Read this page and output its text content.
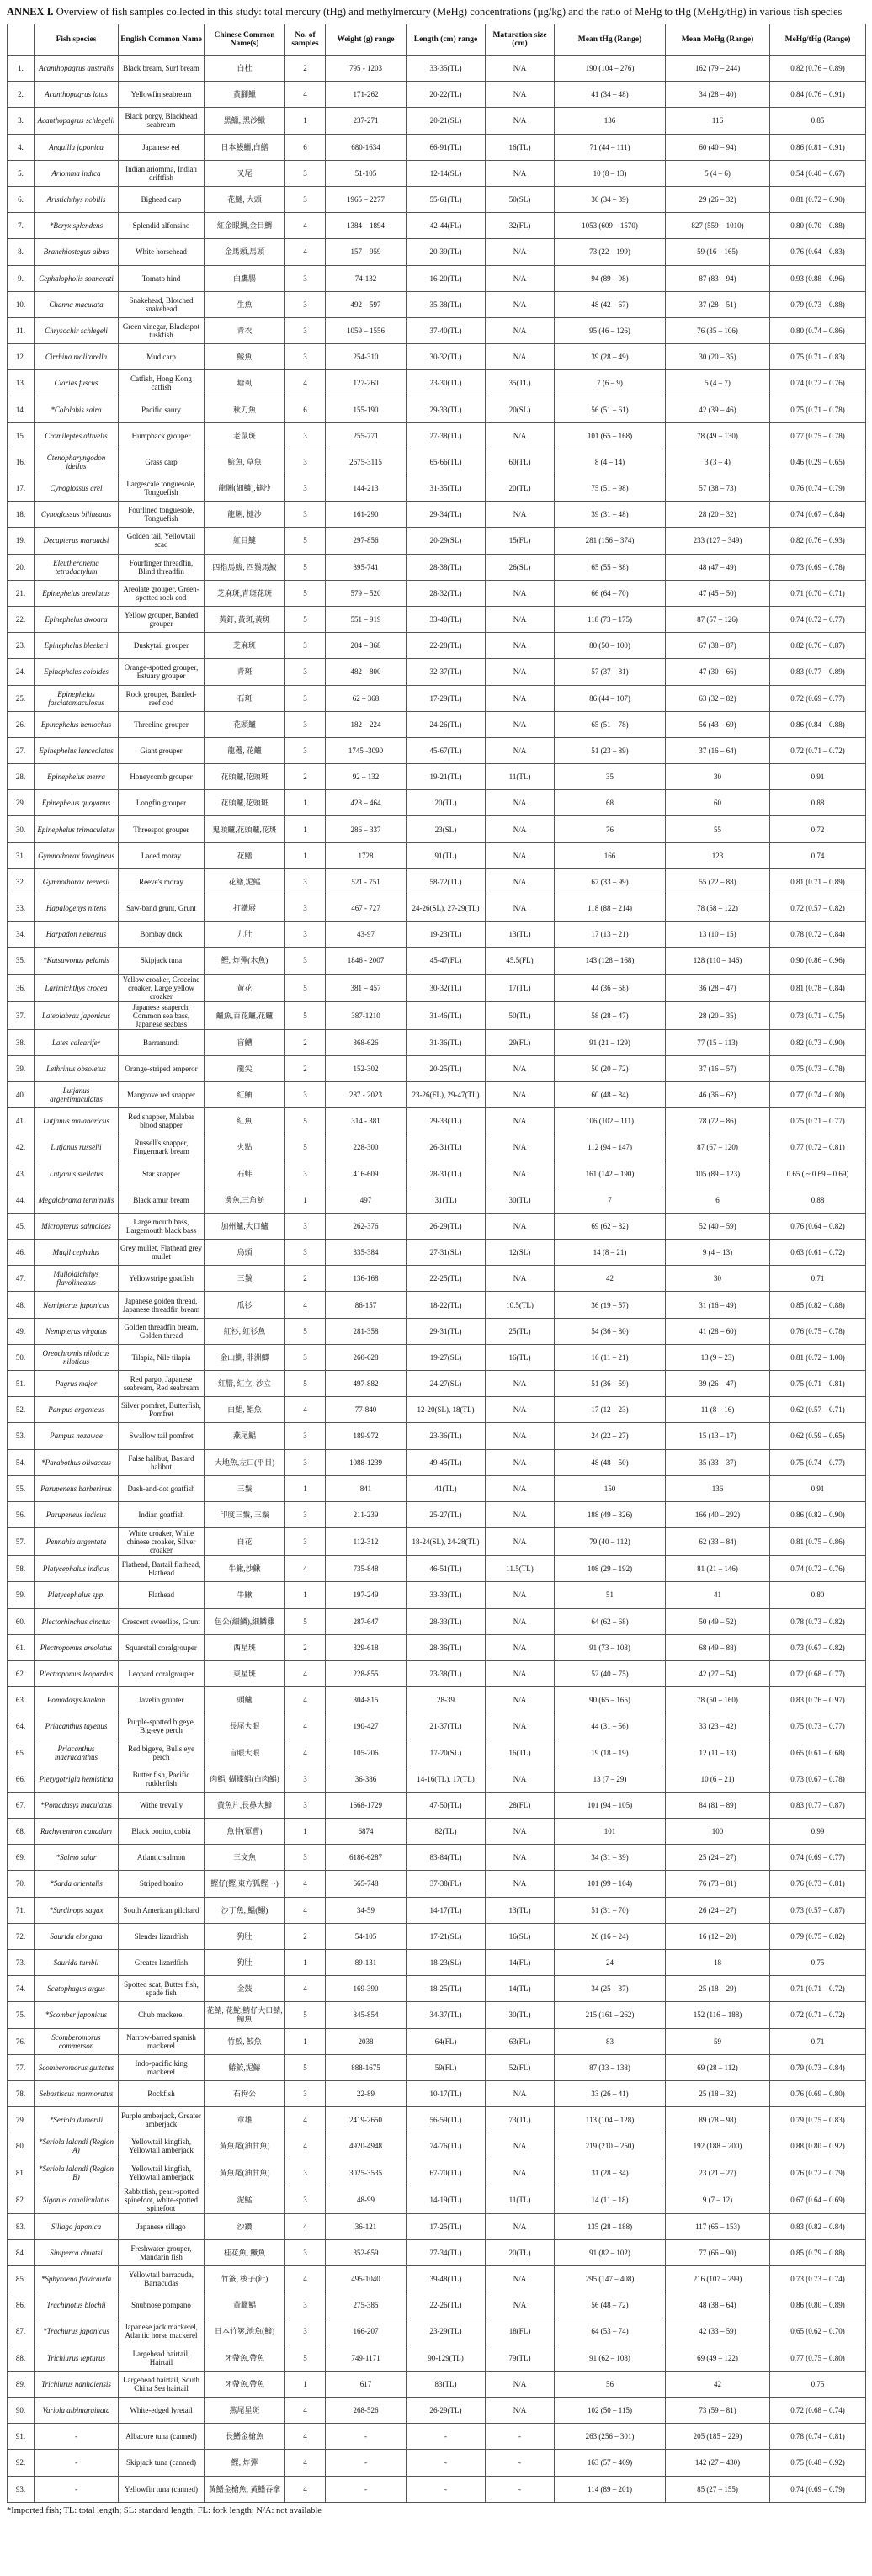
ANNEX I. Overview of fish samples collected in this study: total mercury (tHg) and methylmercury (MeHg) concentrations (µg/kg) and the ratio of MeHg to tHg (MeHg/tHg) in various fish species
	Fish species	English Common Name	Chinese Common Name(s)	No. of samples	Weight (g) range	Length (cm) range	Maturation size (cm)	Mean tHg (Range)	Mean MeHg (Range)	MeHg/tHg (Range)
1.	Acanthopagrus australis	Black bream, Surf bream	白杜	2	795 - 1203	33-35(TL)	N/A	190 (104 – 276)	162 (79 – 244)	0.82 (0.76 – 0.89)
2.	Acanthopagrus latus	Yellowfin seabream	黃腳鱲	4	171-262	20-22(TL)	N/A	41 (34 – 48)	34 (28 – 40)	0.84 (0.76 – 0.91)
3.	Acanthopagrus schlegelii	Black porgy, Blackhead seabream	黑鱲, 黑沙鱲	1	237-271	20-21(SL)	N/A	136	116	0.85
4.	Anguilla japonica	Japanese eel	日本鰻鱺,白鱔	6	680-1634	66-91(TL)	16(TL)	71 (44 – 111)	60 (40 – 94)	0.86 (0.81 – 0.91)
5.	Ariomma indica	Indian ariomma, Indian driftfish	叉尾	3	51-105	12-14(SL)	N/A	10 (8 – 13)	5 (4 – 6)	0.54 (0.40 – 0.67)
6.	Aristichthys nobilis	Bighead carp	花鰱, 大頭	3	1965 – 2277	55-61(TL)	50(SL)	36 (34 – 39)	29 (26 – 32)	0.81 (0.72 – 0.90)
7.	*Beryx splendens	Splendid alfonsino	紅金眼鯛,金目鯛	4	1384 – 1894	42-44(FL)	32(FL)	1053 (609 – 1570)	827 (559 – 1010)	0.80 (0.70 – 0.88)
8.	Branchiostegus albus	White horsehead	金馬頭,馬頭	4	157 – 959	20-39(TL)	N/A	73 (22 – 199)	59 (16 – 165)	0.76 (0.64 – 0.83)
9.	Cephalopholis sonnerati	Tomato hind	白鷹腸	3	74-132	16-20(TL)	N/A	94 (89 – 98)	87 (83 – 94)	0.93 (0.88 – 0.96)
10.	Channa maculata	Snakehead, Blotched snakehead	生魚	3	492 – 597	35-38(TL)	N/A	48 (42 – 67)	37 (28 – 51)	0.79 (0.73 – 0.88)
11.	Chrysochir schlegeli	Green vinegar, Blackspot tuskfish	青衣	3	1059 – 1556	37-40(TL)	N/A	95 (46 – 126)	76 (35 – 106)	0.80 (0.74 – 0.86)
12.	Cirrhina molitorella	Mud carp	鯪魚	3	254-310	30-32(TL)	N/A	39 (28 – 49)	30 (20 – 35)	0.75 (0.71 – 0.83)
13.	Clarias fuscus	Catfish, Hong Kong catfish	塘虱	4	127-260	23-30(TL)	35(TL)	7 (6 – 9)	5 (4 – 7)	0.74 (0.72 – 0.76)
14.	*Cololabis saira	Pacific saury	秋刀魚	6	155-190	29-33(TL)	20(SL)	56 (51 – 61)	42 (39 – 46)	0.75 (0.71 – 0.78)
15.	Cromileptes altivelis	Humpback grouper	老鼠斑	3	255-771	27-38(TL)	N/A	101 (65 – 168)	78 (49 – 130)	0.77 (0.75 – 0.78)
16.	Ctenopharyngodon idellus	Grass carp	鯇魚, 草魚	3	2675-3115	65-66(TL)	60(TL)	8 (4 – 14)	3 (3 – 4)	0.46 (0.29 – 0.65)
17.	Cynoglossus arel	Largescale tonguesole, Tonguefish	龍脷(細鱗),撻沙	3	144-213	31-35(TL)	20(TL)	75 (51 – 98)	57 (38 – 73)	0.76 (0.74 – 0.79)
18.	Cynoglossus bilineatus	Fourlined tonguesole, Tonguefish	龍脷, 撻沙	3	161-290	29-34(TL)	N/A	39 (31 – 48)	28 (20 – 32)	0.74 (0.67 – 0.84)
19.	Decapterus maruadsi	Golden tail, Yellowtail scad	紅目鰱	5	297-856	20-29(SL)	15(FL)	281 (156 – 374)	233 (127 – 349)	0.82 (0.76 – 0.93)
20.	Eleutheronema tetradactylum	Fourfinger threadfin, Blind threadfin	四指馬鮁, 四鬚馬鮁	5	395-741	28-38(TL)	26(SL)	65 (55 – 88)	48 (47 – 49)	0.73 (0.69 – 0.78)
21.	Epinephelus areolatus	Areolate grouper, Green-spotted rock cod	芝麻斑,青斑花斑	5	579 – 520	28-32(TL)	N/A	66 (64 – 70)	47 (45 – 50)	0.71 (0.70 – 0.71)
22.	Epinephelus awoara	Yellow grouper, Banded grouper	黃釘, 黃斑,黃斑	5	551 – 919	33-40(TL)	N/A	118 (73 – 175)	87 (57 – 126)	0.74 (0.72 – 0.77)
23.	Epinephelus bleekeri	Duskytail grouper	芝麻斑	3	204 – 368	22-28(TL)	N/A	80 (50 – 100)	67 (38 – 87)	0.82 (0.76 – 0.87)
24.	Epinephelus coioides	Orange-spotted grouper, Estuary grouper	青斑	3	482 – 800	32-37(TL)	N/A	57 (37 – 81)	47 (30 – 66)	0.83 (0.77 – 0.89)
25.	Epinephelus fasciatomaculosus	Rock grouper, Banded-reef cod	石斑	3	62 – 368	17-29(TL)	N/A	86 (44 – 107)	63 (32 – 82)	0.72 (0.69 – 0.77)
26.	Epinephelus heniochus	Threeline grouper	花頭鱸	3	182 – 224	24-26(TL)	N/A	65 (51 – 78)	56 (43 – 69)	0.86 (0.84 – 0.88)
27.	Epinephelus lanceolatus	Giant grouper	龍躉, 花鱸	3	1745 -3090	45-67(TL)	N/A	51 (23 – 89)	37 (16 – 64)	0.72 (0.71 – 0.72)
28.	Epinephelus merra	Honeycomb grouper	花頭鱸,花頭斑	2	92 – 132	19-21(TL)	11(TL)	35	30	0.91
29.	Epinephelus quoyanus	Longfin grouper	花頭鱸,花頭斑	1	428 – 464	20(TL)	N/A	68	60	0.88
30.	Epinephelus trimaculatus	Threespot grouper	鬼頭鱸,花頭鱸,花斑	1	286 – 337	23(SL)	N/A	76	55	0.72
31.	Gymnothorax favagineus	Laced moray	花鱔	1	1728	91(TL)	N/A	166	123	0.74
32.	Gymnothorax reevesii	Reeve's moray	花鱔,泥鯭	3	521 - 751	58-72(TL)	N/A	67 (33 – 99)	55 (22 – 88)	0.81 (0.71 – 0.89)
33.	Hapalogenys nitens	Saw-band grunt, Grunt	打鐵屐	3	467 - 727	24-26(SL), 27-29(TL)	N/A	118 (88 – 214)	78 (58 – 122)	0.72 (0.57 – 0.82)
34.	Harpadon nehereus	Bombay duck	九肚	3	43-97	19-23(TL)	13(TL)	17 (13 – 21)	13 (10 – 15)	0.78 (0.72 – 0.84)
35.	*Katsuwonus pelamis	Skipjack tuna	鰹, 炸彈(木魚)	3	1846 - 2007	45-47(FL)	45.5(FL)	143 (128 – 168)	128 (110 – 146)	0.90 (0.86 – 0.96)
36.	Larimichthys crocea	Yellow croaker, Croceine croaker, Large yellow croaker	黃花	5	381 – 457	30-32(TL)	17(TL)	44 (36 – 58)	36 (28 – 47)	0.81 (0.78 – 0.84)
37.	Lateolabrax japonicus	Japanese seaperch, Common sea bass, Japanese seabass	鱸魚,百花鱸,花鱸	5	387-1210	31-46(TL)	50(TL)	58 (28 – 47)	28 (20 – 35)	0.73 (0.71 – 0.75)
38.	Lates calcarifer	Barramundi	盲鰽	2	368-626	31-36(TL)	29(FL)	91 (21 – 129)	77 (15 – 113)	0.82 (0.73 – 0.90)
39.	Lethrinus obsoletus	Orange-striped emperor	龍尖	2	152-302	20-25(TL)	N/A	50 (20 – 72)	37 (16 – 57)	0.75 (0.73 – 0.78)
40.	Lutjanus argentimaculatus	Mangrove red snapper	紅鮋	3	287 - 2023	23-26(FL), 29-47(TL)	N/A	60 (48 – 84)	46 (36 – 62)	0.77 (0.74 – 0.80)
41.	Lutjanus malabaricus	Red snapper, Malabar blood snapper	紅魚	5	314 - 381	29-33(TL)	N/A	106 (102 – 111)	78 (72 – 86)	0.75 (0.71 – 0.77)
42.	Lutjanus russelli	Russell's snapper, Fingermark bream	火點	5	228-300	26-31(TL)	N/A	112 (94 – 147)	87 (67 – 120)	0.77 (0.72 – 0.81)
43.	Lutjanus stellatus	Star snapper	石蚌	3	416-609	28-31(TL)	N/A	161 (142 – 190)	105 (89 – 123)	0.65 ( ~ 0.69 – 0.69)
44.	Megalobrama terminalis	Black amur bream	邊魚,三角魴	1	497	31(TL)	30(TL)	7	6	0.88
45.	Micropterus salmoides	Large mouth bass, Largemouth black bass	加州鱸,大口鱸	3	262-376	26-29(TL)	N/A	69 (62 – 82)	52 (40 – 59)	0.76 (0.64 – 0.82)
46.	Mugil cephalus	Grey mullet, Flathead grey mullet	烏頭	3	335-384	27-31(SL)	12(SL)	14 (8 – 21)	9 (4 – 13)	0.63 (0.61 – 0.72)
47.	Mulloidichthys flavolineatus	Yellowstripe goatfish	三鬚	2	136-168	22-25(TL)	N/A	42	30	0.71
48.	Nemipterus japonicus	Japanese golden thread, Japanese threadfin bream	瓜衫	4	86-157	18-22(TL)	10.5(TL)	36 (19 – 57)	31 (16 – 49)	0.85 (0.82 – 0.88)
49.	Nemipterus virgatus	Golden threadfin bream, Golden thread	紅衫, 紅衫魚	5	281-358	29-31(TL)	25(TL)	54 (36 – 80)	41 (28 – 60)	0.76 (0.75 – 0.78)
50.	Oreochromis niloticus niloticus	Tilapia, Nile tilapia	金山鰂, 非洲鯽	3	260-628	19-27(SL)	16(TL)	16 (11 – 21)	13 (9 – 23)	0.81 (0.72 – 1.00)
51.	Pagrus major	Red pargo, Japanese seabream, Red seabream	紅腊, 紅立, 沙立	5	497-882	24-27(SL)	N/A	51 (36 – 59)	39 (26 – 47)	0.75 (0.71 – 0.81)
52.	Pampus argenteus	Silver pomfret, Butterfish, Pomfret	白鯧, 鯧魚	4	77-840	12-20(SL), 18(TL)	N/A	17 (12 – 23)	11 (8 – 16)	0.62 (0.57 – 0.71)
53.	Pampus nozawae	Swallow tail pomfret	燕尾鯧	3	189-972	23-36(TL)	N/A	24 (22 – 27)	15 (13 – 17)	0.62 (0.59 – 0.65)
54.	*Parabothus olivaceus	False halibut, Bastard halibut	大地魚,左口(平目)	3	1088-1239	49-45(TL)	N/A	48 (48 – 50)	35 (33 – 37)	0.75 (0.74 – 0.77)
55.	Parupeneus barberinus	Dash-and-dot goatfish	三鬚	1	841	41(TL)	N/A	150	136	0.91
56.	Parupeneus indicus	Indian goatfish	印度三鬚, 三鬚	3	211-239	25-27(TL)	N/A	188 (49 – 326)	166 (40 – 292)	0.86 (0.82 – 0.90)
57.	Pennahia argentata	White croaker, White chinese croaker, Silver croaker	白花	3	112-312	18-24(SL), 24-28(TL)	N/A	79 (40 – 112)	62 (33 – 84)	0.81 (0.75 – 0.86)
58.	Platycephalus indicus	Flathead, Bartail flathead, Flathead	牛鰍,沙鰍	4	735-848	46-51(TL)	11.5(TL)	108 (29 – 192)	81 (21 – 146)	0.74 (0.72 – 0.76)
59.	Platycephalus spp.	Flathead	牛鰍	1	197-249	33-33(TL)	N/A	51	41	0.80
60.	Plectorhinchus cinctus	Crescent sweetlips, Grunt	包公(細鱗),細鱗雞	5	287-647	28-33(TL)	N/A	64 (62 – 68)	50 (49 – 52)	0.78 (0.73 – 0.82)
61.	Plectropomus areolatus	Squaretail coralgrouper	西星斑	2	329-618	28-36(TL)	N/A	91 (73 – 108)	68 (49 – 88)	0.73 (0.67 – 0.82)
62.	Plectropomus leopardus	Leopard coralgrouper	東星斑	4	228-855	23-38(TL)	N/A	52 (40 – 75)	42 (27 – 54)	0.72 (0.68 – 0.77)
63.	Pomadasys kaakan	Javelin grunter	頭鱸	4	304-815	28-39	N/A	90 (65 – 165)	78 (50 – 160)	0.83 (0.76 – 0.97)
64.	Priacanthus tayenus	Purple-spotted bigeye, Big-eye perch	長尾大眼	4	190-427	21-37(TL)	N/A	44 (31 – 56)	33 (23 – 42)	0.75 (0.73 – 0.77)
65.	Priacanthus macracanthus	Red bigeye, Bulls eye perch	盲眼大眼	4	105-206	17-20(SL)	16(TL)	19 (18 – 19)	12 (11 – 13)	0.65 (0.61 – 0.68)
66.	Pterygotrigla hemisticta	Butter fish, Pacific rudderfish	肉鯧, 蝴蝶鯧(白肉鯧)	3	36-386	14-16(TL), 17(TL)	N/A	13 (7 – 29)	10 (6 – 21)	0.73 (0.67 – 0.78)
67.	*Pomadasys maculatus	Withe trevally	黃魚片,長鼻大鯵	3	1668-1729	47-50(TL)	28(FL)	101 (94 – 105)	84 (81 – 89)	0.83 (0.77 – 0.87)
68.	Rachycentron canadum	Black bonito, cobia	魚仲(軍曹)	1	6874	82(TL)	N/A	101	100	0.99
69.	*Salmo salar	Atlantic salmon	三文魚	3	6186-6287	83-84(TL)	N/A	34 (31 – 39)	25 (24 – 27)	0.74 (0.69 – 0.77)
70.	*Sarda orientalis	Striped bonito	鰹仔(鰹,東方狐鰹, ~)	4	665-748	37-38(FL)	N/A	101 (99 – 104)	76 (73 – 81)	0.76 (0.73 – 0.81)
71.	*Sardinops sagax	South American pilchard	沙丁魚, 鰮(鰯)	4	34-59	14-17(TL)	13(TL)	51 (31 – 70)	26 (24 – 27)	0.73 (0.57 – 0.87)
72.	Saurida elongata	Slender lizardfish	狗肚	2	54-105	17-21(SL)	16(SL)	20 (16 – 24)	16 (12 – 20)	0.79 (0.75 – 0.82)
73.	Saurida tumbil	Greater lizardfish	狗肚	1	89-131	18-23(SL)	14(FL)	24	18	0.75
74.	Scatophagus argus	Spotted scat, Butter fish, spade fish	金鼓	4	169-390	18-25(TL)	14(TL)	34 (25 – 37)	25 (18 – 29)	0.71 (0.71 – 0.72)
75.	*Scomber japonicus	Chub mackerel	花鯖, 花鮀,鯖仔大口鯖, 鯖魚	5	845-854	34-37(TL)	30(TL)	215 (161 – 262)	152 (116 – 188)	0.72 (0.71 – 0.72)
76.	Scomberomorus commerson	Narrow-barred spanish mackerel	竹鮫, 鮫魚	1	2038	64(FL)	63(FL)	83	59	0.71
77.	Scomberomorus guttatus	Indo-pacific king mackerel	鰆鮫,泥鰆	5	888-1675	59(FL)	52(FL)	87 (33 – 138)	69 (28 – 112)	0.79 (0.73 – 0.84)
78.	Sebastiscus marmoratus	Rockfish	石狗公	3	22-89	10-17(TL)	N/A	33 (26 – 41)	25 (18 – 32)	0.76 (0.69 – 0.80)
79.	*Seriola dumerili	Purple amberjack, Greater amberjack	章雄	4	2419-2650	56-59(TL)	73(TL)	113 (104 – 128)	89 (78 – 98)	0.79 (0.75 – 0.83)
80.	*Seriola lalandi (Region A)	Yellowtail kingfish, Yellowtail amberjack	黃魚尾(油甘魚)	4	4920-4948	74-76(TL)	N/A	219 (210 – 250)	192 (188 – 200)	0.88 (0.80 – 0.92)
81.	*Seriola lalandi (Region B)	Yellowtail kingfish, Yellowtail amberjack	黃魚尾(油甘魚)	3	3025-3535	67-70(TL)	N/A	31 (28 – 34)	23 (21 – 27)	0.76 (0.72 – 0.79)
82.	Siganus canaliculatus	Rabbitfish, pearl-spotted spinefoot, white-spotted spinefoot	泥鯭	3	48-99	14-19(TL)	11(TL)	14 (11 – 18)	9 (7 – 12)	0.67 (0.64 – 0.69)
83.	Sillago japonica	Japanese sillago	沙鑽	4	36-121	17-25(TL)	N/A	135 (28 – 188)	117 (65 – 153)	0.83 (0.82 – 0.84)
84.	Siniperca chuatsi	Freshwater grouper, Mandarin fish	桂花魚, 鱖魚	3	352-659	27-34(TL)	20(TL)	91 (82 – 102)	77 (66 – 90)	0.85 (0.79 – 0.88)
85.	*Sphyraena flavicauda	Yellowtail barracuda, Barracudas	竹簽, 梭子(針)	4	495-1040	39-48(TL)	N/A	295 (147 – 408)	216 (107 – 299)	0.73 (0.73 – 0.74)
86.	Trachinotus blochii	Snubnose pompano	黃臘鯧	3	275-385	22-26(TL)	N/A	56 (48 – 72)	48 (38 – 64)	0.86 (0.80 – 0.89)
87.	*Trachurus japonicus	Japanese jack mackerel, Atlantic horse mackerel	日本竹筴,池魚(鯵)	3	166-207	23-29(TL)	18(FL)	64 (53 – 74)	42 (33 – 59)	0.65 (0.62 – 0.70)
88.	Trichiurus lepturus	Largehead hairtail, Hairtail	牙帶魚,帶魚	5	749-1171	90-129(TL)	79(TL)	91 (62 – 108)	69 (49 – 122)	0.77 (0.75 – 0.80)
89.	Trichiurus nanhaiensis	Largehead hairtail, South China Sea hairtail	牙帶魚,帶魚	1	617	83(TL)	N/A	56	42	0.75
90.	Variola albimarginata	White-edged lyretail	燕尾星斑	4	268-526	26-29(TL)	N/A	102 (50 – 115)	73 (59 – 81)	0.72 (0.68 – 0.74)
91.	-	Albacore tuna (canned)	長鰭金槍魚	4	-	-	-	263 (256 – 301)	205 (185 – 229)	0.78 (0.74 – 0.81)
92.	-	Skipjack tuna (canned)	鰹, 炸彈	4	-	-	-	163 (57 – 469)	142 (27 – 430)	0.75 (0.48 – 0.92)
93.	-	Yellowfin tuna (canned)	黃鰭金槍魚, 黃鰭吞拿	4	-	-	-	114 (89 – 201)	85 (27 – 155)	0.74 (0.69 – 0.79)
*Imported fish; TL: total length; SL: standard length; FL: fork length; N/A: not available
